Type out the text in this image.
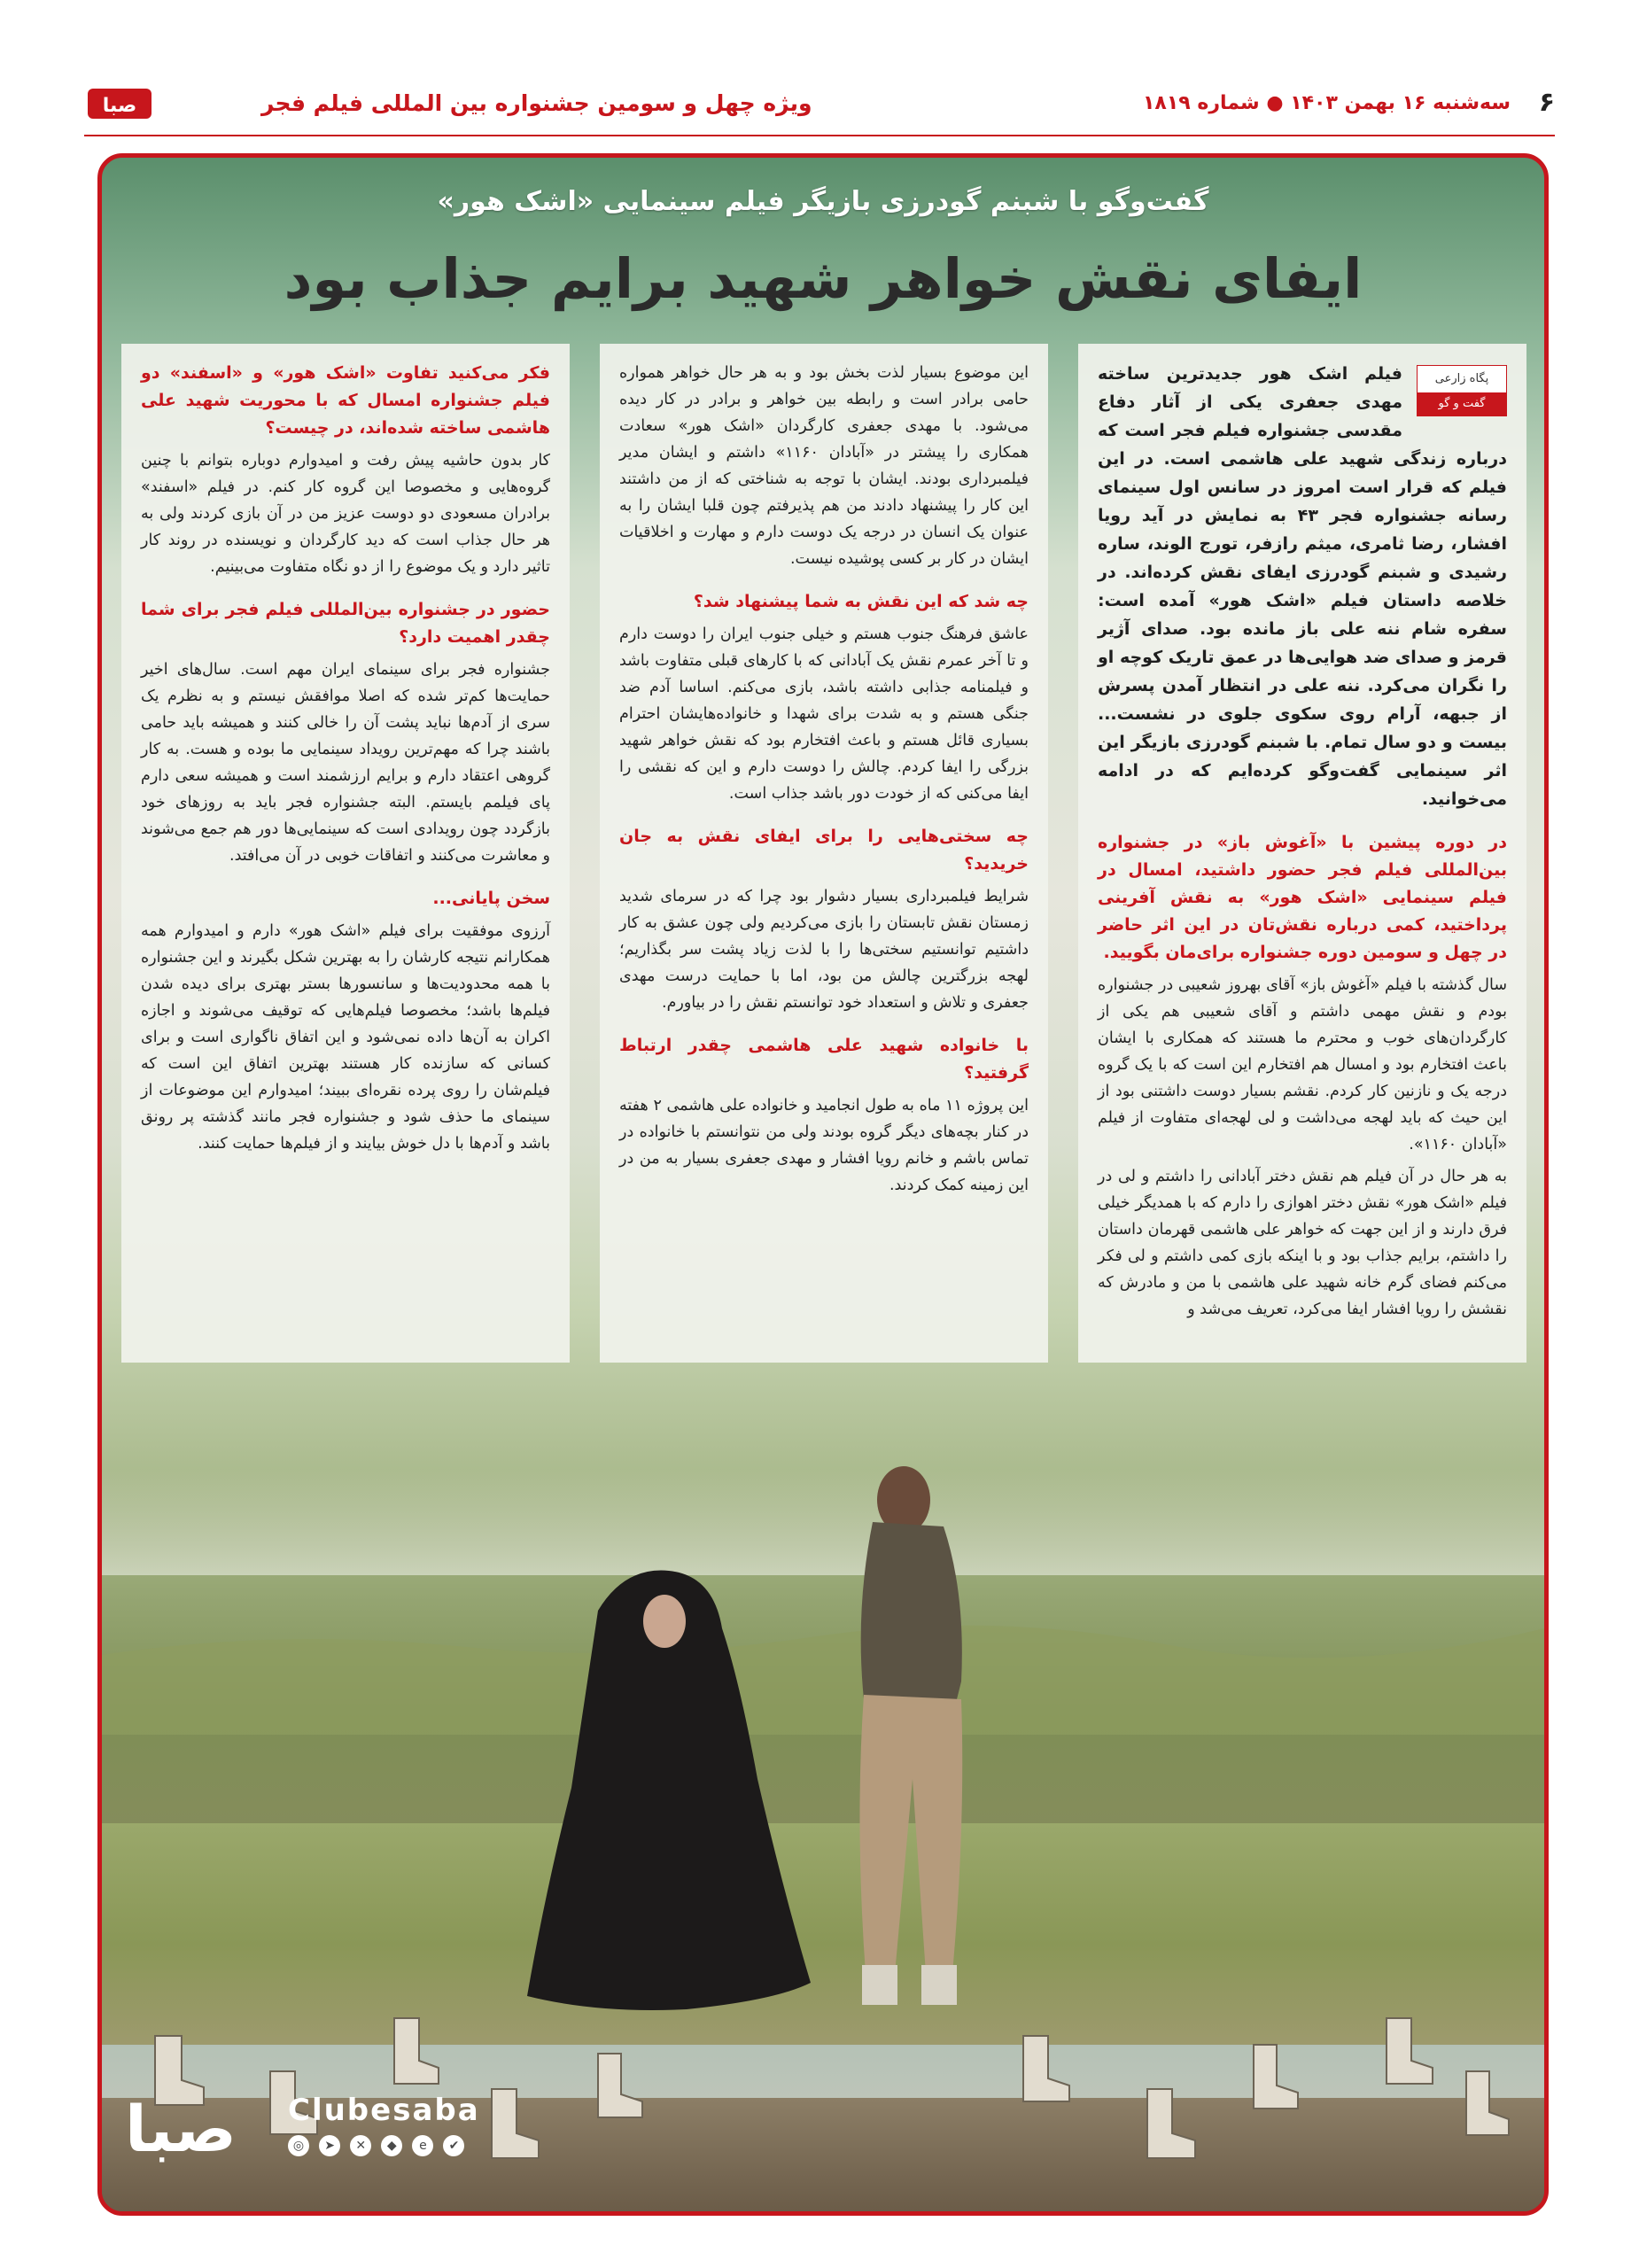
۶
سه‌شنبه ۱۶ بهمن ۱۴۰۳ ● شماره ۱۸۱۹
ویژه چهل و سومین جشنواره بین المللی فیلم فجر
صبا
گفت‌وگو با شبنم گودرزی بازیگر فیلم سینمایی «اشک هور»
ایفای نقش خواهر شهید برایم جذاب بود
پگاه زارعی
گفت و گو

فیلم اشک هور جدیدترین ساخته مهدی جعفری یکی از آثار دفاع مقدسی جشنواره فیلم فجر است که درباره زندگی شهید علی هاشمی است. در این فیلم که قرار است امروز در سانس اول سینمای رسانه جشنواره فجر ۴۳ به نمایش در آید رویا افشار، رضا ثامری، میثم رازفر، تورج الوند، ساره رشیدی و شبنم گودرزی ایفای نقش کرده‌اند. در خلاصه داستان فیلم «اشک هور» آمده است: سفره شام ننه علی باز مانده بود. صدای آژیر قرمز و صدای ضد هوایی‌ها در عمق تاریک کوچه او را نگران می‌کرد. ننه علی در انتظار آمدن پسرش از جبهه، آرام روی سکوی جلوی در نشست... بیست و دو سال تمام. با شبنم گودرزی بازیگر این اثر سینمایی گفت‌وگو کرده‌ایم که در ادامه می‌خوانید.

در دوره پیشین با «آغوش باز» در جشنواره بین‌المللی فیلم فجر حضور داشتید، امسال در فیلم سینمایی «اشک هور» به نقش آفرینی پرداختید، کمی درباره نقش‌تان در این اثر حاضر در چهل و سومین دوره جشنواره برای‌مان بگویید.

سال گذشته با فیلم «آغوش باز» آقای بهروز شعیبی در جشنواره بودم و نقش مهمی داشتم و آقای شعیبی هم یکی از کارگردان‌های خوب و محترم ما هستند که همکاری با ایشان باعث افتخارم بود و امسال هم افتخارم این است که با یک گروه درجه یک و نازنین کار کردم. نقشم بسیار دوست داشتنی بود از این حیث که باید لهجه می‌داشت و لی لهجه‌ای متفاوت از فیلم «آبادان ۱۱۶۰».

به هر حال در آن فیلم هم نقش دختر آبادانی را داشتم و لی در فیلم «اشک هور» نقش دختر اهوازی را دارم که با همدیگر خیلی فرق دارند و از این جهت که خواهر علی هاشمی قهرمان داستان را داشتم، برایم جذاب بود و با اینکه بازی کمی داشتم و لی فکر می‌کنم فضای گرم خانه شهید علی هاشمی با من و مادرش که نقشش را رویا افشار ایفا می‌کرد، تعریف می‌شد و

این موضوع بسیار لذت بخش بود و به هر حال خواهر همواره حامی برادر است و رابطه بین خواهر و برادر در کار دیده می‌شود. با مهدی جعفری کارگردان «اشک هور» سعادت همکاری را پیشتر در «آبادان ۱۱۶۰» داشتم و ایشان مدیر فیلمبرداری بودند. ایشان با توجه به شناختی که از من داشتند این کار را پیشنهاد دادند من هم پذیرفتم چون قلبا ایشان را به عنوان یک انسان در درجه یک دوست دارم و مهارت و اخلاقیات ایشان در کار بر کسی پوشیده نیست.

چه شد که این نقش به شما پیشنهاد شد؟

عاشق فرهنگ جنوب هستم و خیلی جنوب ایران را دوست دارم و تا آخر عمرم نقش یک آبادانی که با کارهای قبلی متفاوت باشد و فیلمنامه جذابی داشته باشد، بازی می‌کنم. اساسا آدم ضد جنگی هستم و به شدت برای شهدا و خانواده‌هایشان احترام بسیاری قائل هستم و باعث افتخارم بود که نقش خواهر شهید بزرگی را ایفا کردم. چالش را دوست دارم و این که نقشی را ایفا می‌کنی که از خودت دور باشد جذاب است.

چه سختی‌هایی را برای ایفای نقش به جان خریدید؟

شرایط فیلمبرداری بسیار دشوار بود چرا که در سرمای شدید زمستان نقش تابستان را بازی می‌کردیم ولی چون عشق به کار داشتیم توانستیم سختی‌ها را با لذت زیاد پشت سر بگذاریم؛ لهجه بزرگترین چالش من بود، اما با حمایت درست مهدی جعفری و تلاش و استعداد خود توانستم نقش را در بیاورم.

با خانواده شهید علی هاشمی چقدر ارتباط گرفتید؟

این پروژه ۱۱ ماه به طول انجامید و خانواده علی هاشمی ۲ هفته در کنار بچه‌های دیگر گروه بودند ولی من نتوانستم با خانواده در تماس باشم و خانم رویا افشار و مهدی جعفری بسیار به من در این زمینه کمک کردند.

فکر می‌کنید تفاوت «اشک هور» و «اسفند» دو فیلم جشنواره امسال که با محوریت شهید علی هاشمی ساخته شده‌اند، در چیست؟

کار بدون حاشیه پیش رفت و امیدوارم دوباره بتوانم با چنین گروه‌هایی و مخصوصا این گروه کار کنم. در فیلم «اسفند» برادران مسعودی دو دوست عزیز من در آن بازی کردند ولی به هر حال جذاب است که دید کارگردان و نویسنده در روند کار تاثیر دارد و یک موضوع را از دو نگاه متفاوت می‌بینیم.

حضور در جشنواره بین‌المللی فیلم فجر برای شما چقدر اهمیت دارد؟

جشنواره فجر برای سینمای ایران مهم است. سال‌های اخیر حمایت‌ها کم‌تر شده که اصلا موافقش نیستم و به نظرم یک سری از آدم‌ها نباید پشت آن را خالی کنند و همیشه باید حامی باشند چرا که مهم‌ترین رویداد سینمایی ما بوده و هست. به کار گروهی اعتقاد دارم و برایم ارزشمند است و همیشه سعی دارم پای فیلمم بایستم. البته جشنواره فجر باید به روزهای خود بازگردد چون رویدادی است که سینمایی‌ها دور هم جمع می‌شوند و معاشرت می‌کنند و اتفاقات خوبی در آن می‌افتد.

سخن پایانی...

آرزوی موفقیت برای فیلم «اشک هور» دارم و امیدوارم همه همکارانم نتیجه کارشان را به بهترین شکل بگیرند و این جشنواره با همه محدودیت‌ها و سانسورها بستر بهتری برای دیده شدن فیلم‌ها باشد؛ مخصوصا فیلم‌هایی که توقیف می‌شوند و اجازه اکران به آن‌ها داده نمی‌شود و این اتفاق ناگواری است و برای کسانی که سازنده کار هستند بهترین اتفاق این است که فیلم‌شان را روی پرده نقره‌ای ببیند؛ امیدوارم این موضوعات از سینمای ما حذف شود و جشنواره فجر مانند گذشته پر رونق باشد و آدم‌ها با دل خوش بیایند و از فیلم‌ها حمایت کنند.

صبا Clubesaba
◎ ➤ ✕ ◆ e ✔
